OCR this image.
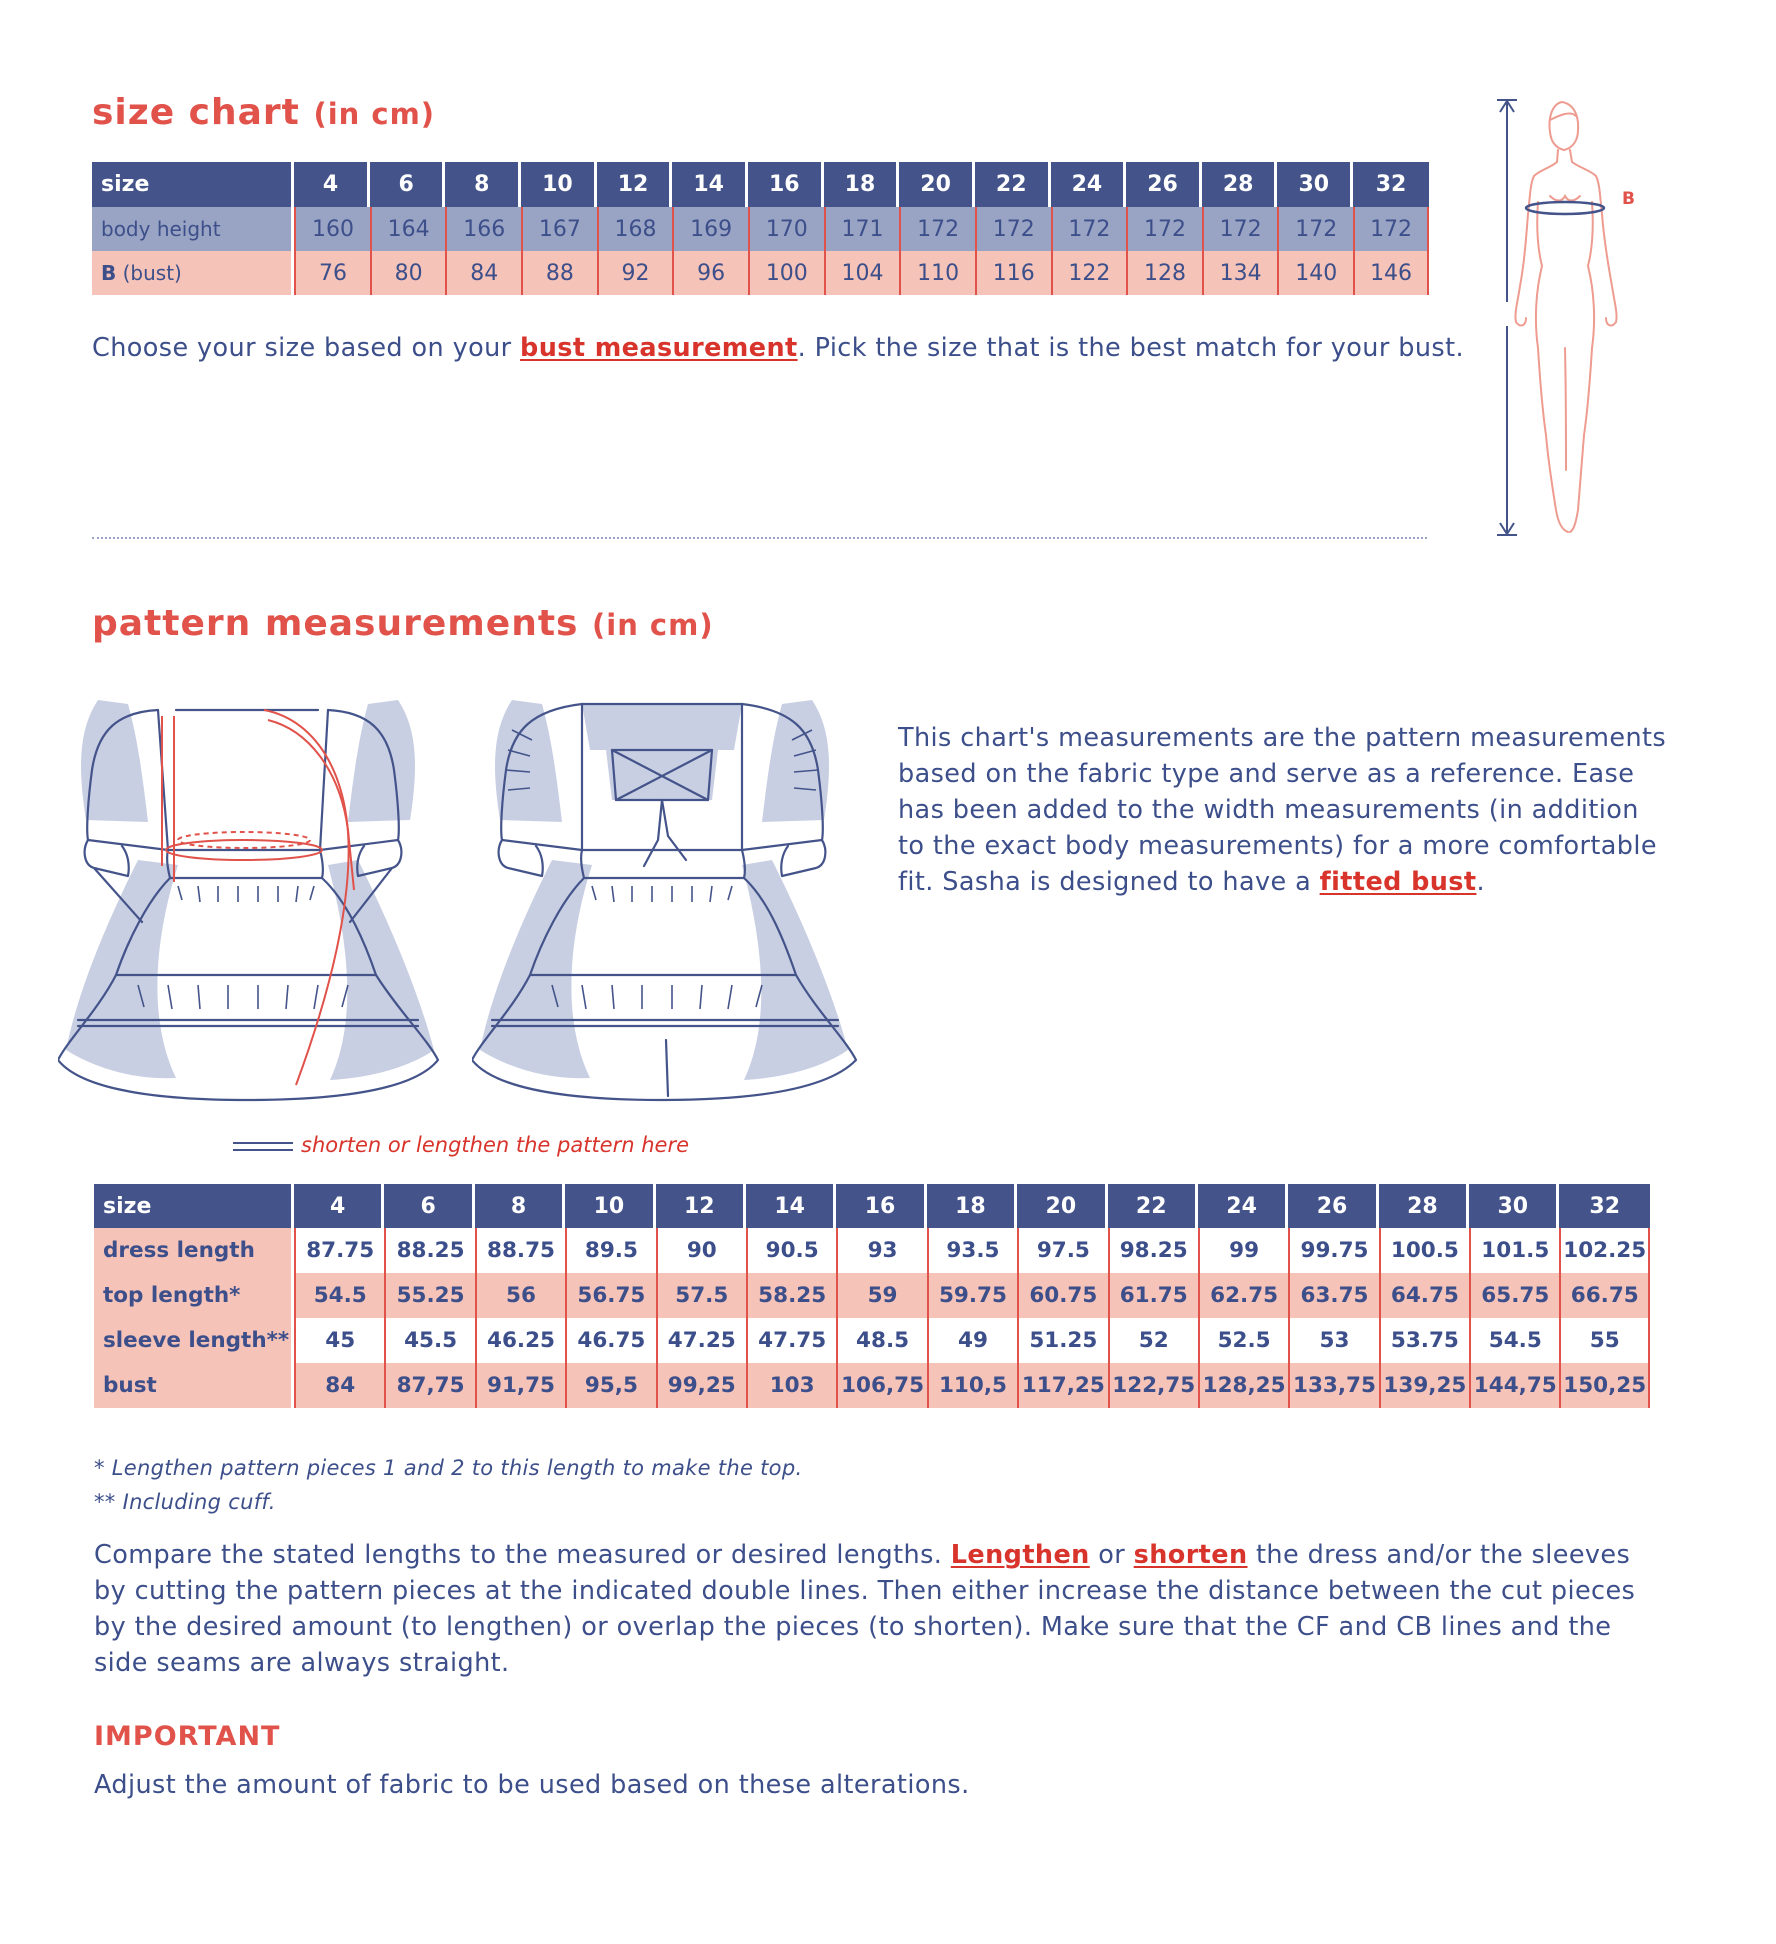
size chart (in cm)
size	4	6	8	10	12	14	16	18	20	22	24	26	28	30	32
body height	160	164	166	167	168	169	170	171	172	172	172	172	172	172	172
B (bust)	76	80	84	88	92	96	100	104	110	116	122	128	134	140	146
Choose your size based on your bust measurement. Pick the size that is the best match for your bust.
B
pattern measurements (in cm)
shorten or lengthen the pattern here
This chart's measurements are the pattern measurements
based on the fabric type and serve as a reference. Ease
has been added to the width measurements (in addition
to the exact body measurements) for a more comfortable
fit. Sasha is designed to have a fitted bust.
size	4	6	8	10	12	14	16	18	20	22	24	26	28	30	32
dress length	87.75	88.25	88.75	89.5	90	90.5	93	93.5	97.5	98.25	99	99.75	100.5	101.5	102.25
top length*	54.5	55.25	56	56.75	57.5	58.25	59	59.75	60.75	61.75	62.75	63.75	64.75	65.75	66.75
sleeve length**	45	45.5	46.25	46.75	47.25	47.75	48.5	49	51.25	52	52.5	53	53.75	54.5	55
bust	84	87,75	91,75	95,5	99,25	103	106,75	110,5	117,25	122,75	128,25	133,75	139,25	144,75	150,25
* Lengthen pattern pieces 1 and 2 to this length to make the top.
** Including cuff.
Compare the stated lengths to the measured or desired lengths. Lengthen or shorten the dress and/or the sleeves
by cutting the pattern pieces at the indicated double lines. Then either increase the distance between the cut pieces
by the desired amount (to lengthen) or overlap the pieces (to shorten). Make sure that the CF and CB lines and the
side seams are always straight.
IMPORTANT
Adjust the amount of fabric to be used based on these alterations.
